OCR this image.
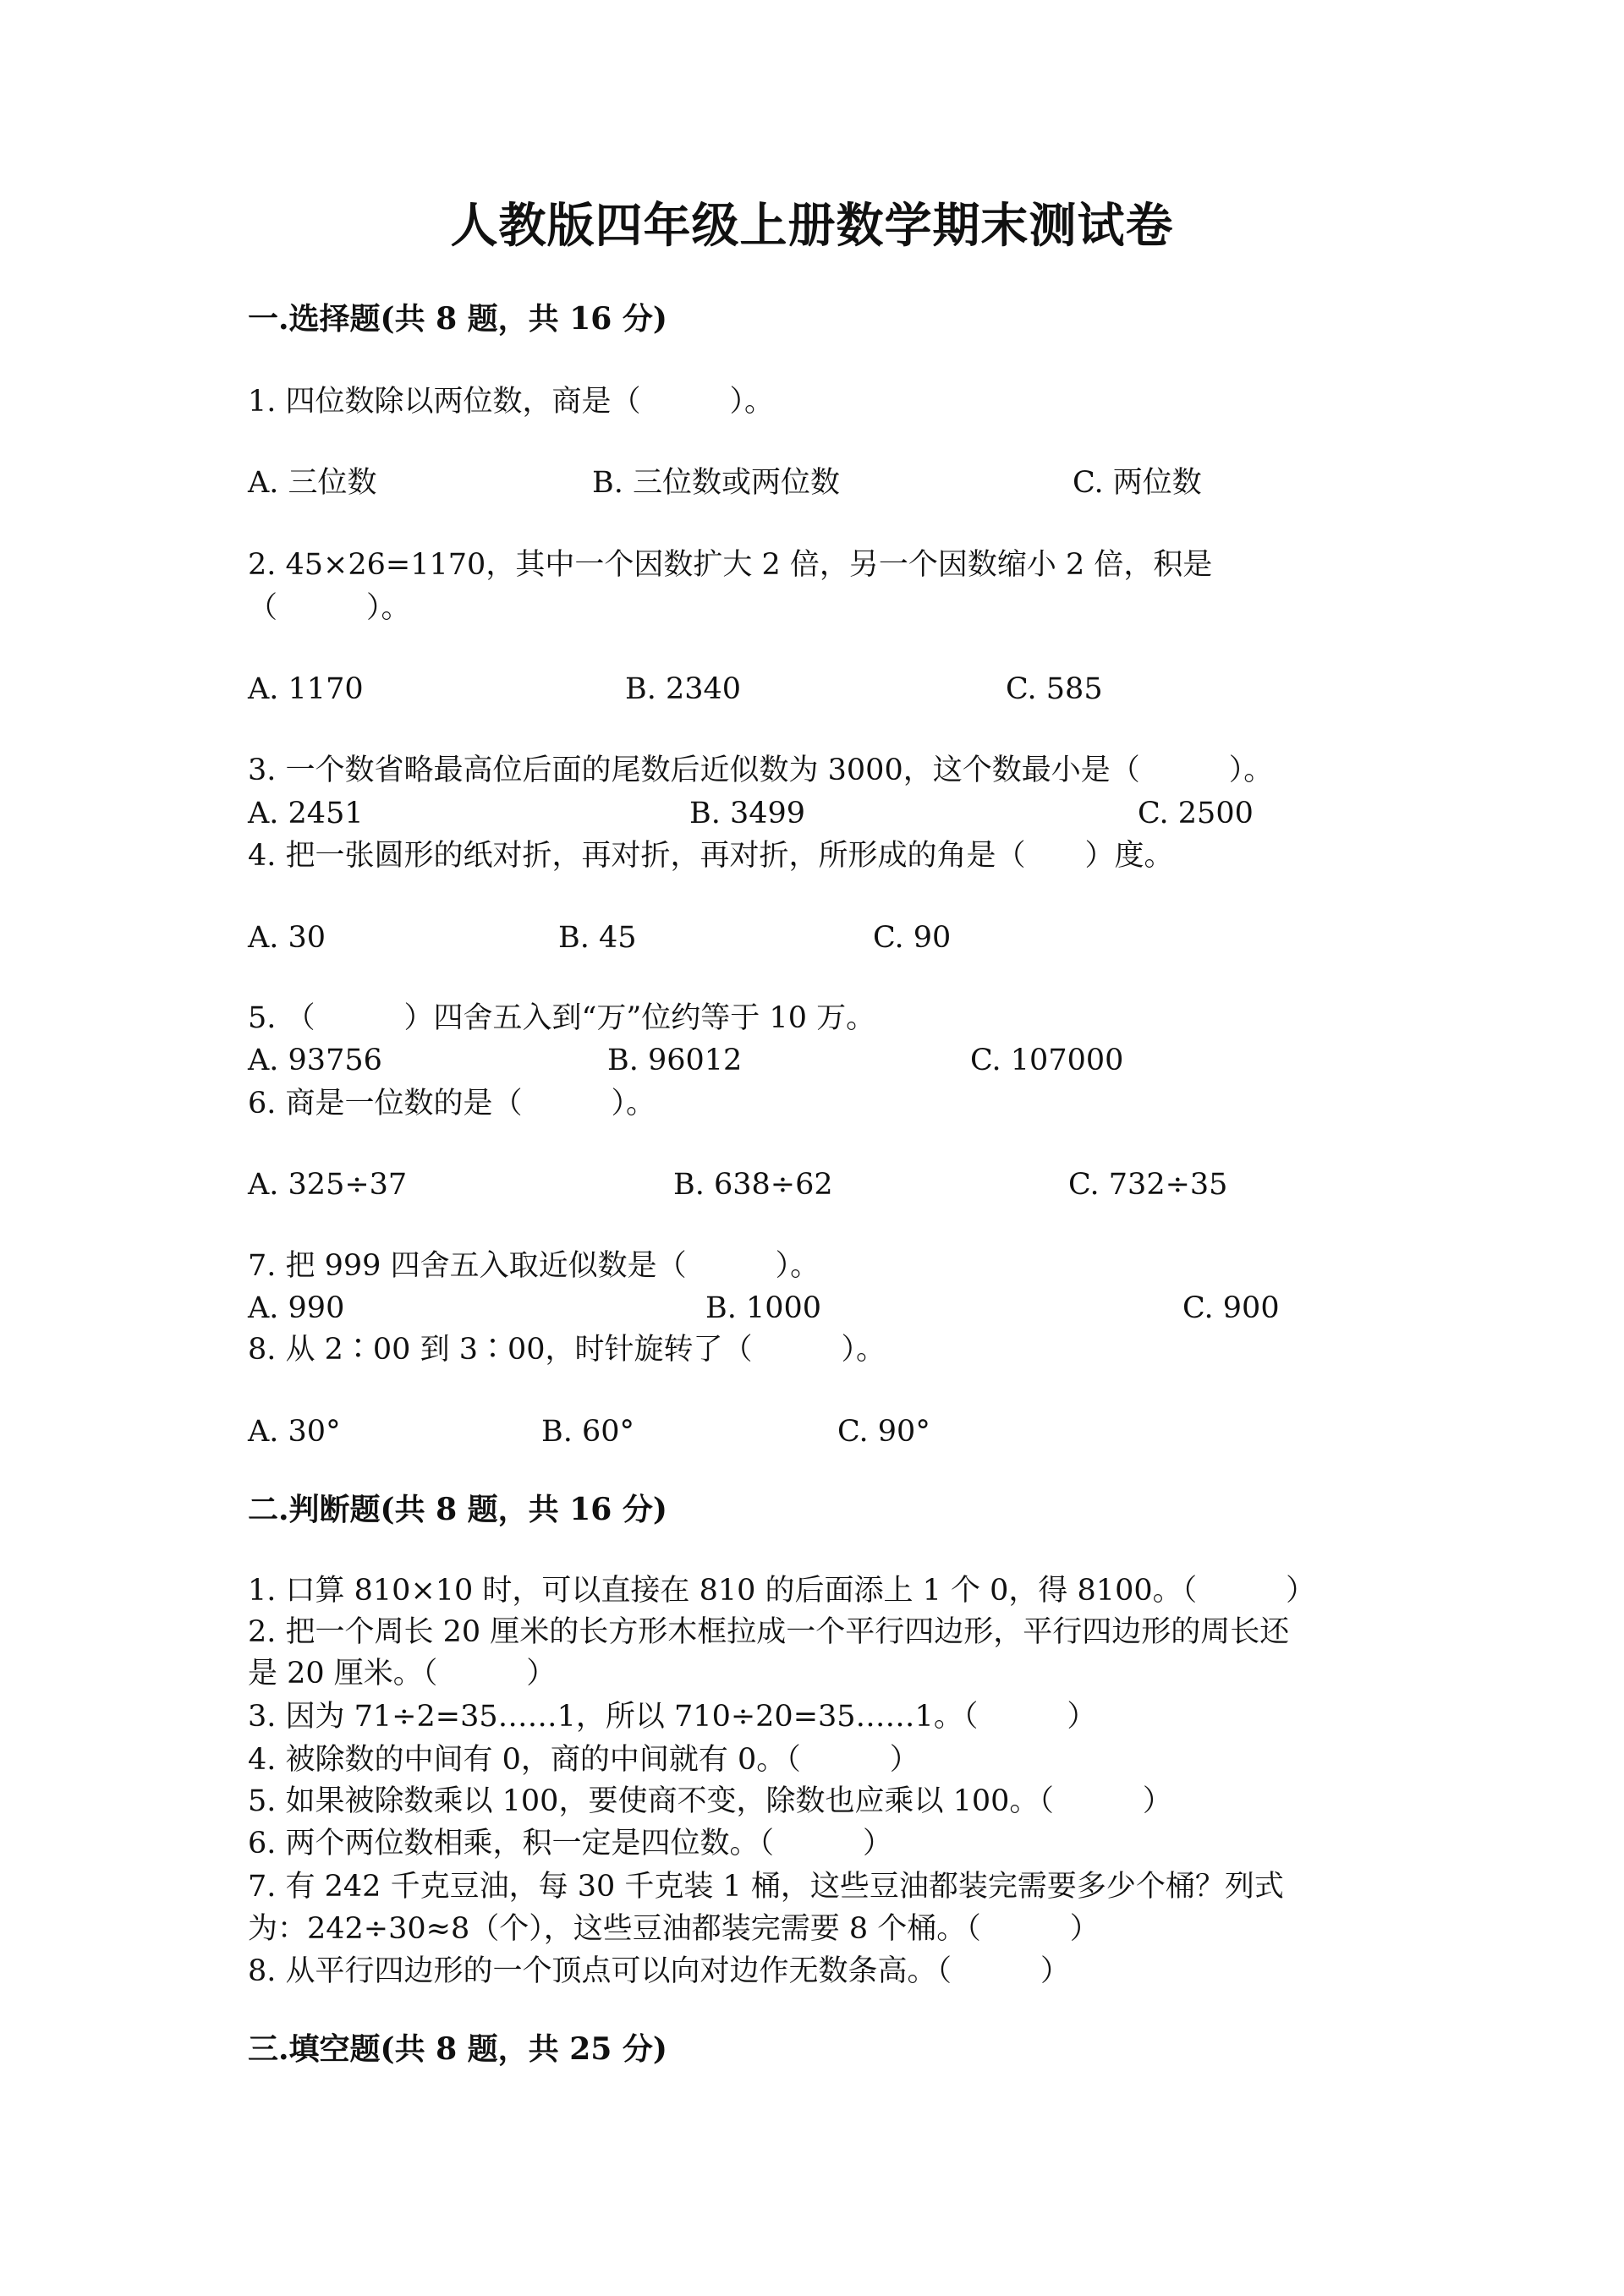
人教版四年级上册数学期末测试卷
一.选择题(共 8 题，共 16 分)
1. 四位数除以两位数，商是（　　　）。
A. 三位数	B. 三位数或两位数	C. 两位数
2. 45×26=1170，其中一个因数扩大 2 倍，另一个因数缩小 2 倍，积是
（　　　）。
A. 1170	B. 2340	C. 585
3. 一个数省略最高位后面的尾数后近似数为 3000，这个数最小是（　　　）。
A. 2451	B. 3499	C. 2500
4. 把一张圆形的纸对折，再对折，再对折，所形成的角是（　　）度。
A. 30	B. 45	C. 90
5. （　　　）四舍五入到“万”位约等于 10 万。
A. 93756	B. 96012	C. 107000
6. 商是一位数的是（　　　）。
A. 325÷37	B. 638÷62	C. 732÷35
7. 把 999 四舍五入取近似数是（　　　）。
A. 990	B. 1000	C. 900
8. 从 2∶00 到 3∶00，时针旋转了（　　　）。
A. 30°	B. 60°	C. 90°
二.判断题(共 8 题，共 16 分)
1. 口算 810×10 时，可以直接在 810 的后面添上 1 个 0，得 8100。（　　　）
2. 把一个周长 20 厘米的长方形木框拉成一个平行四边形，平行四边形的周长还
是 20 厘米。（　　　）
3. 因为 71÷2=35……1，所以 710÷20=35……1。（　　　）
4. 被除数的中间有 0，商的中间就有 0。（　　　）
5. 如果被除数乘以 100，要使商不变，除数也应乘以 100。（　　　）
6. 两个两位数相乘，积一定是四位数。（　　　）
7. 有 242 千克豆油，每 30 千克装 1 桶，这些豆油都装完需要多少个桶？列式
为：242÷30≈8（个），这些豆油都装完需要 8 个桶。（　　　）
8. 从平行四边形的一个顶点可以向对边作无数条高。（　　　）
三.填空题(共 8 题，共 25 分)
